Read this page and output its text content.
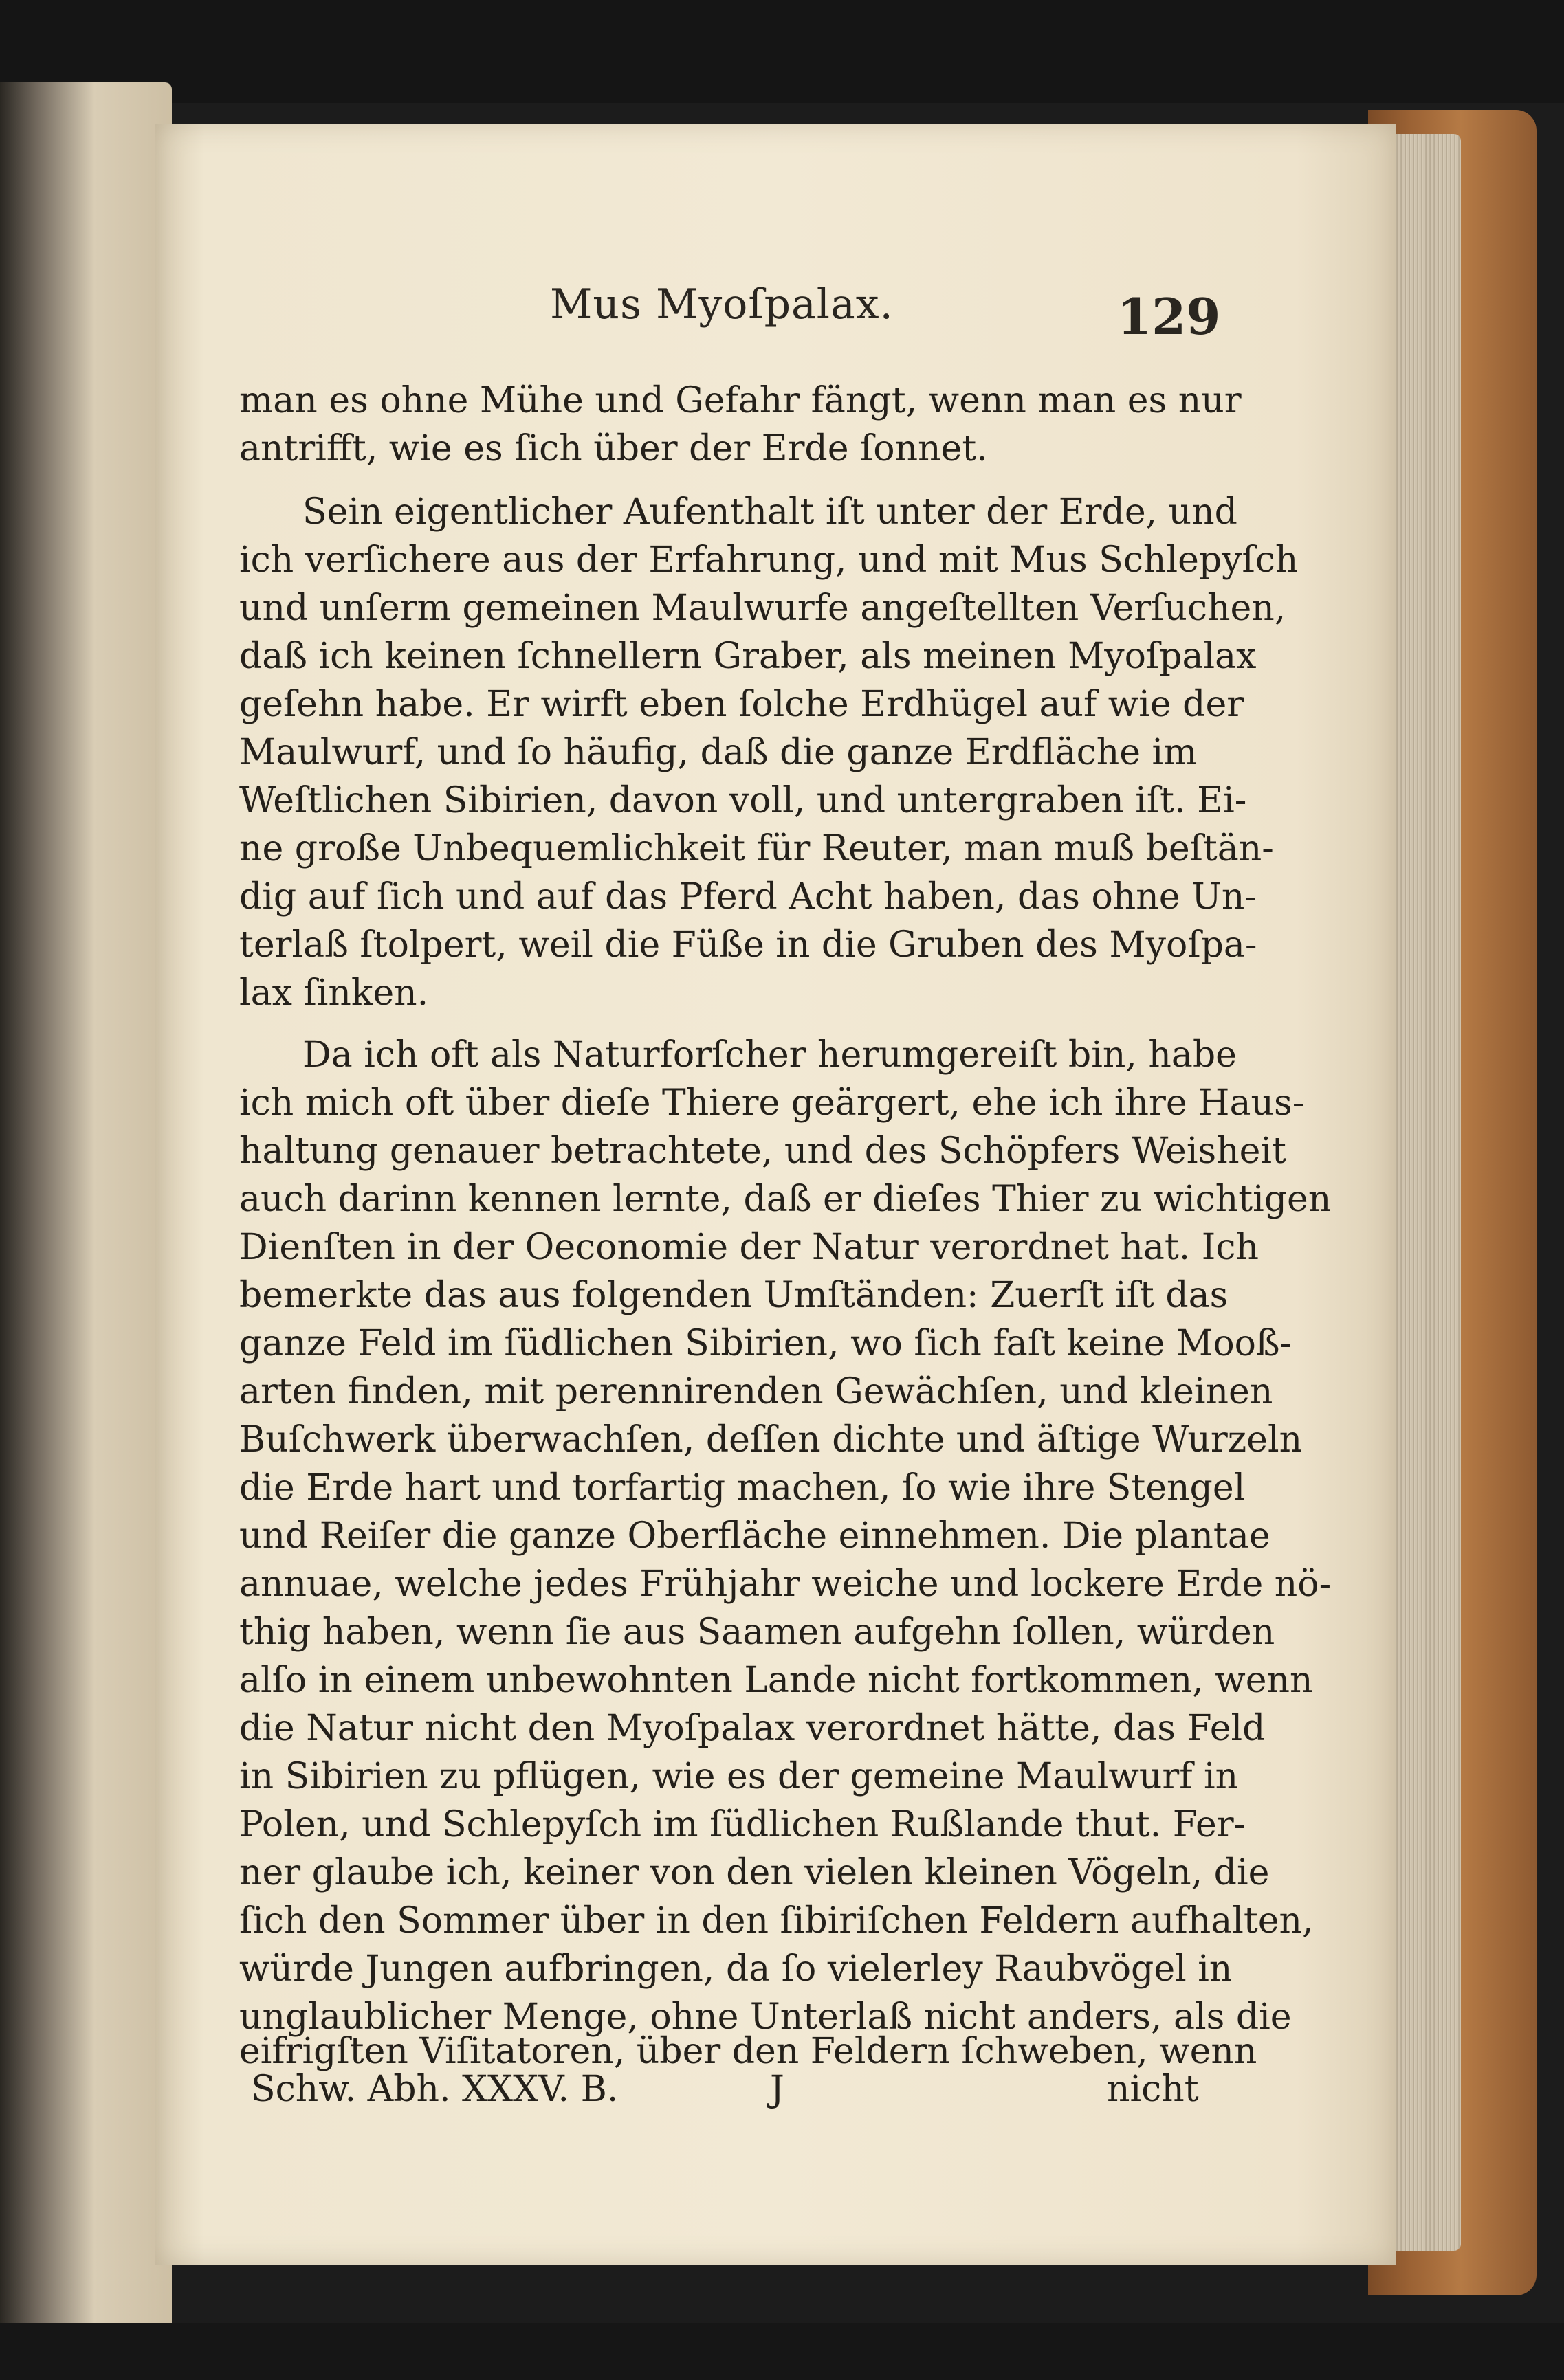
Mus Myoſpalax.	129
man es ohne Mühe und Gefahr fängt, wenn man es nur
antrifft, wie es ſich über der Erde ſonnet.
Sein eigentlicher Aufenthalt iſt unter der Erde, und
ich verſichere aus der Erfahrung, und mit Mus Schlepyſch
und unſerm gemeinen Maulwurfe angeſtellten Verſuchen,
daß ich keinen ſchnellern Graber, als meinen Myoſpalax
geſehn habe. Er wirft eben ſolche Erdhügel auf wie der
Maulwurf, und ſo häufig, daß die ganze Erdfläche im
Weſtlichen Sibirien, davon voll, und untergraben iſt. Ei-
ne große Unbequemlichkeit für Reuter, man muß beſtän-
dig auf ſich und auf das Pferd Acht haben, das ohne Un-
terlaß ſtolpert, weil die Füße in die Gruben des Myoſpa-
lax ſinken.
Da ich oft als Naturforſcher herumgereiſt bin, habe
ich mich oft über dieſe Thiere geärgert, ehe ich ihre Haus-
haltung genauer betrachtete, und des Schöpfers Weisheit
auch darinn kennen lernte, daß er dieſes Thier zu wichtigen
Dienſten in der Oeconomie der Natur verordnet hat. Ich
bemerkte das aus folgenden Umſtänden: Zuerſt iſt das
ganze Feld im ſüdlichen Sibirien, wo ſich faſt keine Mooß-
arten finden, mit perennirenden Gewächſen, und kleinen
Buſchwerk überwachſen, deſſen dichte und äſtige Wurzeln
die Erde hart und torfartig machen, ſo wie ihre Stengel
und Reiſer die ganze Oberfläche einnehmen. Die plantae
annuae, welche jedes Frühjahr weiche und lockere Erde nö-
thig haben, wenn ſie aus Saamen aufgehn ſollen, würden
alſo in einem unbewohnten Lande nicht fortkommen, wenn
die Natur nicht den Myoſpalax verordnet hätte, das Feld
in Sibirien zu pflügen, wie es der gemeine Maulwurf in
Polen, und Schlepyſch im ſüdlichen Rußlande thut. Fer-
ner glaube ich, keiner von den vielen kleinen Vögeln, die
ſich den Sommer über in den ſibiriſchen Feldern aufhalten,
würde Jungen aufbringen, da ſo vielerley Raubvögel in
unglaublicher Menge, ohne Unterlaß nicht anders, als die
Schw. Abh. XXXV. B.	J	nicht
eifrigſten Viſitatoren, über den Feldern ſchweben, wenn
